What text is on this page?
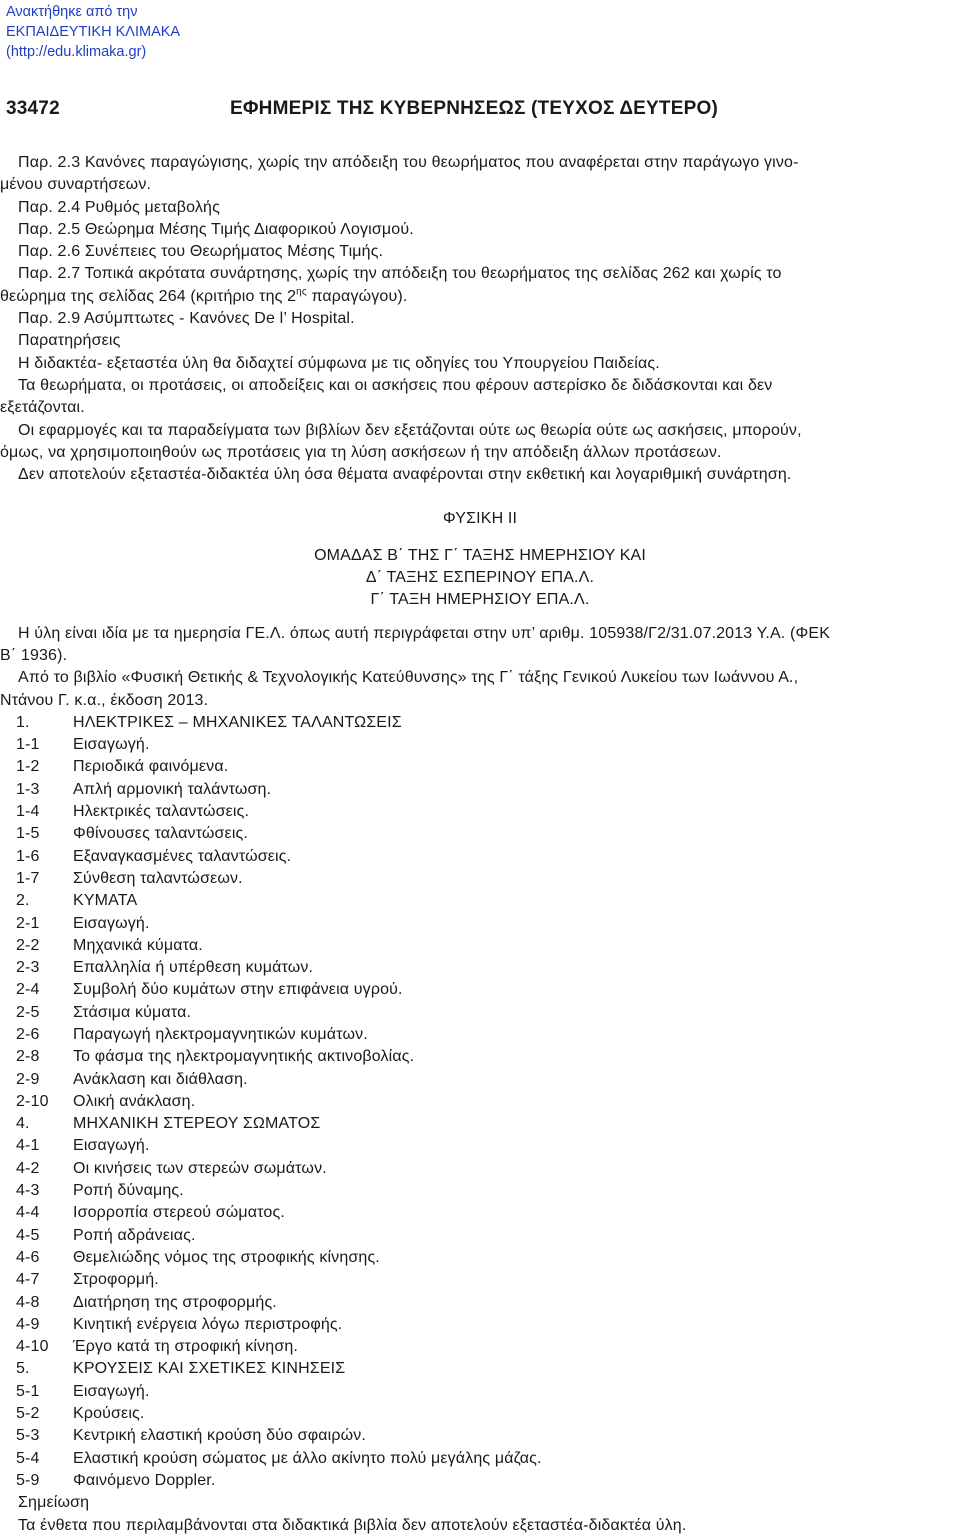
Ανακτήθηκε από την
ΕΚΠΑΙΔΕΥΤΙΚΗ ΚΛΙΜΑΚΑ
(http://edu.klimaka.gr)
33472	ΕΦΗΜΕΡΙΣ ΤΗΣ ΚΥΒΕΡΝΗΣΕΩΣ (ΤΕΥΧΟΣ ΔΕΥΤΕΡΟ)
Παρ. 2.3 Κανόνες παραγώγισης, χωρίς την απόδειξη του θεωρήματος που αναφέρεται στην παράγωγο γινο-
μένου συναρτήσεων.
Παρ. 2.4 Ρυθμός μεταβολής
Παρ. 2.5 Θεώρημα Μέσης Τιμής Διαφορικού Λογισμού.
Παρ. 2.6 Συνέπειες του Θεωρήματος Μέσης Τιμής.
Παρ. 2.7 Τοπικά ακρότατα συνάρτησης, χωρίς την απόδειξη του θεωρήματος της σελίδας 262 και χωρίς το
θεώρημα της σελίδας 264 (κριτήριο της $2^{\eta\varsigma}$ παραγώγου).
Παρ. 2.9 Ασύμπτωτες - Κανόνες De l’ Hospital.
Παρατηρήσεις
Η διδακτέα- εξεταστέα ύλη θα διδαχτεί σύμφωνα με τις οδηγίες του Υπουργείου Παιδείας.
Τα θεωρήματα, οι προτάσεις, οι αποδείξεις και οι ασκήσεις που φέρουν αστερίσκο δε διδάσκονται και δεν
εξετάζονται.
Οι εφαρμογές και τα παραδείγματα των βιβλίων δεν εξετάζονται ούτε ως θεωρία ούτε ως ασκήσεις, μπορούν,
όμως, να χρησιμοποιηθούν ως προτάσεις για τη λύση ασκήσεων ή την απόδειξη άλλων προτάσεων.
Δεν αποτελούν εξεταστέα-διδακτέα ύλη όσα θέματα αναφέρονται στην εκθετική και λογαριθμική συνάρτηση.
ΦΥΣΙΚΗ ΙΙ
ΟΜΑΔΑΣ Β΄ ΤΗΣ Γ΄ ΤΑΞΗΣ ΗΜΕΡΗΣΙΟΥ ΚΑΙ
Δ΄ ΤΑΞΗΣ ΕΣΠΕΡΙΝΟΥ ΕΠΑ.Λ.
Γ΄ ΤΑΞΗ ΗΜΕΡΗΣΙΟΥ ΕΠΑ.Λ.
Η ύλη είναι ιδία με τα ημερησία ΓΕ.Λ. όπως αυτή περιγράφεται στην υπ’ αριθμ. 105938/Γ2/31.07.2013 Υ.Α. (ΦΕΚ
Β΄ 1936).
Από το βιβλίο «Φυσική Θετικής & Τεχνολογικής Κατεύθυνσης» της Γ΄ τάξης Γενικού Λυκείου των Ιωάννου Α.,
Ντάνου Γ. κ.α., έκδοση 2013.
1.	ΗΛΕΚΤΡΙΚΕΣ – ΜΗΧΑΝΙΚΕΣ ΤΑΛΑΝΤΩΣΕΙΣ
1-1 Εισαγωγή.
1-2 Περιοδικά φαινόμενα.
1-3 Απλή αρμονική ταλάντωση.
1-4 Ηλεκτρικές ταλαντώσεις.
1-5 Φθίνουσες ταλαντώσεις.
1-6 Εξαναγκασμένες ταλαντώσεις.
1-7 Σύνθεση ταλαντώσεων.
2.	ΚΥΜΑΤΑ
2-1 Εισαγωγή.
2-2 Μηχανικά κύματα.
2-3 Επαλληλία ή υπέρθεση κυμάτων.
2-4 Συμβολή δύο κυμάτων στην επιφάνεια υγρού.
2-5 Στάσιμα κύματα.
2-6 Παραγωγή ηλεκτρομαγνητικών κυμάτων.
2-8 Το φάσμα της ηλεκτρομαγνητικής ακτινοβολίας.
2-9 Ανάκλαση και διάθλαση.
2-10 Ολική ανάκλαση.
4.	ΜΗΧΑΝΙΚΗ ΣΤΕΡΕΟΥ ΣΩΜΑΤΟΣ
4-1 Εισαγωγή.
4-2 Οι κινήσεις των στερεών σωμάτων.
4-3 Ροπή δύναμης.
4-4 Ισορροπία στερεού σώματος.
4-5 Ροπή αδράνειας.
4-6 Θεμελιώδης νόμος της στροφικής κίνησης.
4-7 Στροφορμή.
4-8 Διατήρηση της στροφορμής.
4-9 Κινητική ενέργεια λόγω περιστροφής.
4-10 Έργο κατά τη στροφική κίνηση.
5.	ΚΡΟΥΣΕΙΣ ΚΑΙ ΣΧΕΤΙΚΕΣ ΚΙΝΗΣΕΙΣ
5-1 Εισαγωγή.
5-2 Κρούσεις.
5-3 Κεντρική ελαστική κρούση δύο σφαιρών.
5-4 Ελαστική κρούση σώματος με άλλο ακίνητο πολύ μεγάλης μάζας.
5-9 Φαινόμενο Doppler.
Σημείωση
Τα ένθετα που περιλαμβάνονται στα διδακτικά βιβλία δεν αποτελούν εξεταστέα-διδακτέα ύλη.
